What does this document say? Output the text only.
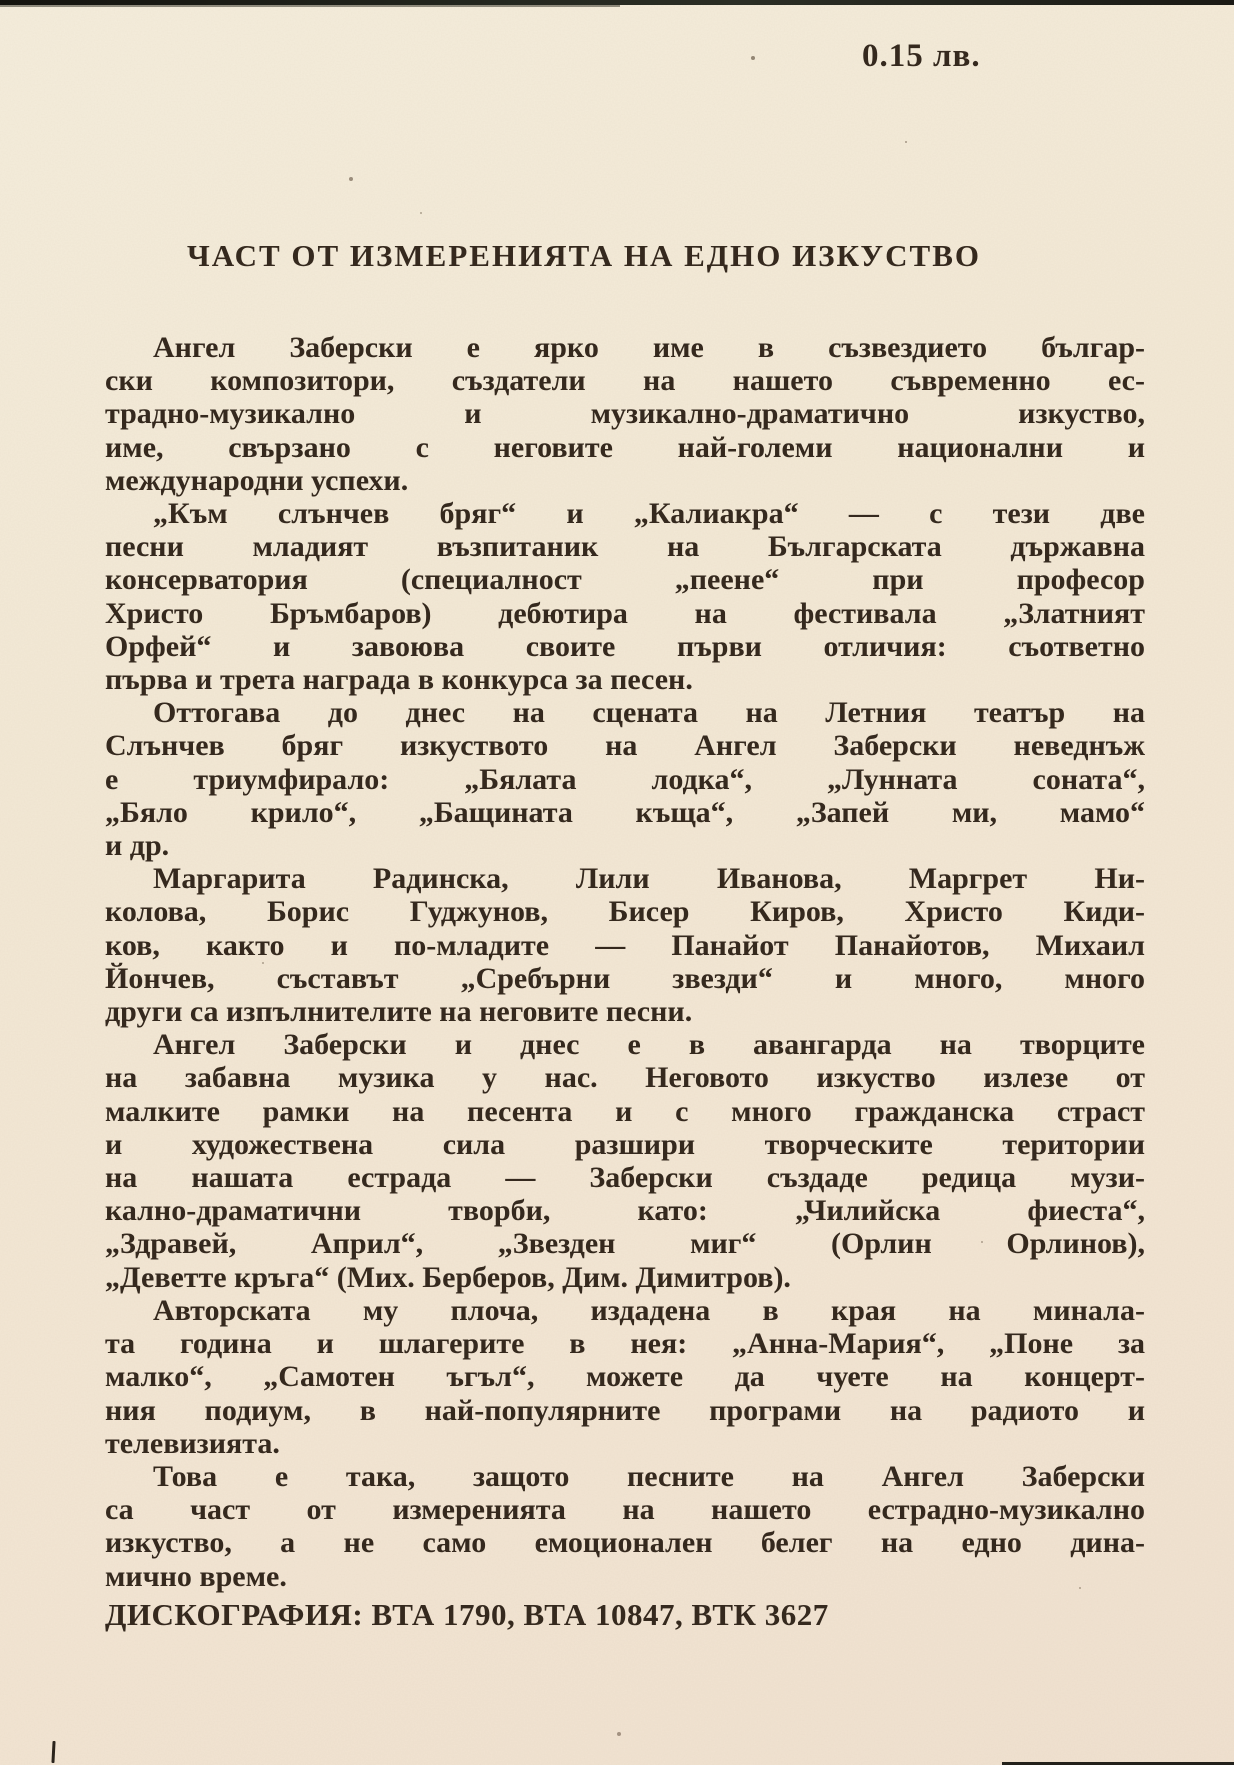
0.15 лв.
ЧАСТ ОТ ИЗМЕРЕНИЯТА НА ЕДНО ИЗКУСТВО
Ангел Заберски е ярко име в съзвездието българ-
ски композитори, създатели на нашето съвременно ес-
традно-музикално и музикално-драматично изкуство,
име, свързано с неговите най-големи национални и
международни успехи.
„Към слънчев бряг“ и „Калиакра“ — с тези две
песни младият възпитаник на Българската държавна
консерватория (специалност „пеене“ при професор
Христо Бръмбаров) дебютира на фестивала „Златният
Орфей“ и завоюва своите първи отличия: съответно
първа и трета награда в конкурса за песен.
Оттогава до днес на сцената на Летния театър на
Слънчев бряг изкуството на Ангел Заберски неведнъж
е триумфирало: „Бялата лодка“, „Лунната соната“,
„Бяло крило“, „Бащината къща“, „Запей ми, мамо“
и др.
Маргарита Радинска, Лили Иванова, Маргрет Ни-
колова, Борис Гуджунов, Бисер Киров, Христо Киди-
ков, както и по-младите — Панайот Панайотов, Михаил
Йончев, съставът „Сребърни звезди“ и много, много
други са изпълнителите на неговите песни.
Ангел Заберски и днес е в авангарда на творците
на забавна музика у нас. Неговото изкуство излезе от
малките рамки на песента и с много гражданска страст
и художествена сила разшири творческите територии
на нашата естрада — Заберски създаде редица музи-
кално-драматични творби, като: „Чилийска фиеста“,
„Здравей, Април“, „Звезден миг“ (Орлин Орлинов),
„Деветте кръга“ (Мих. Берберов, Дим. Димитров).
Авторската му плоча, издадена в края на минала-
та година и шлагерите в нея: „Анна-Мария“, „Поне за
малко“, „Самотен ъгъл“, можете да чуете на концерт-
ния подиум, в най-популярните програми на радиото и
телевизията.
Това е така, защото песните на Ангел Заберски
са част от измеренията на нашето естрадно-музикално
изкуство, а не само емоционален белег на едно дина-
мично време.
ДИСКОГРАФИЯ: ВТА 1790, ВТА 10847, ВТК 3627
